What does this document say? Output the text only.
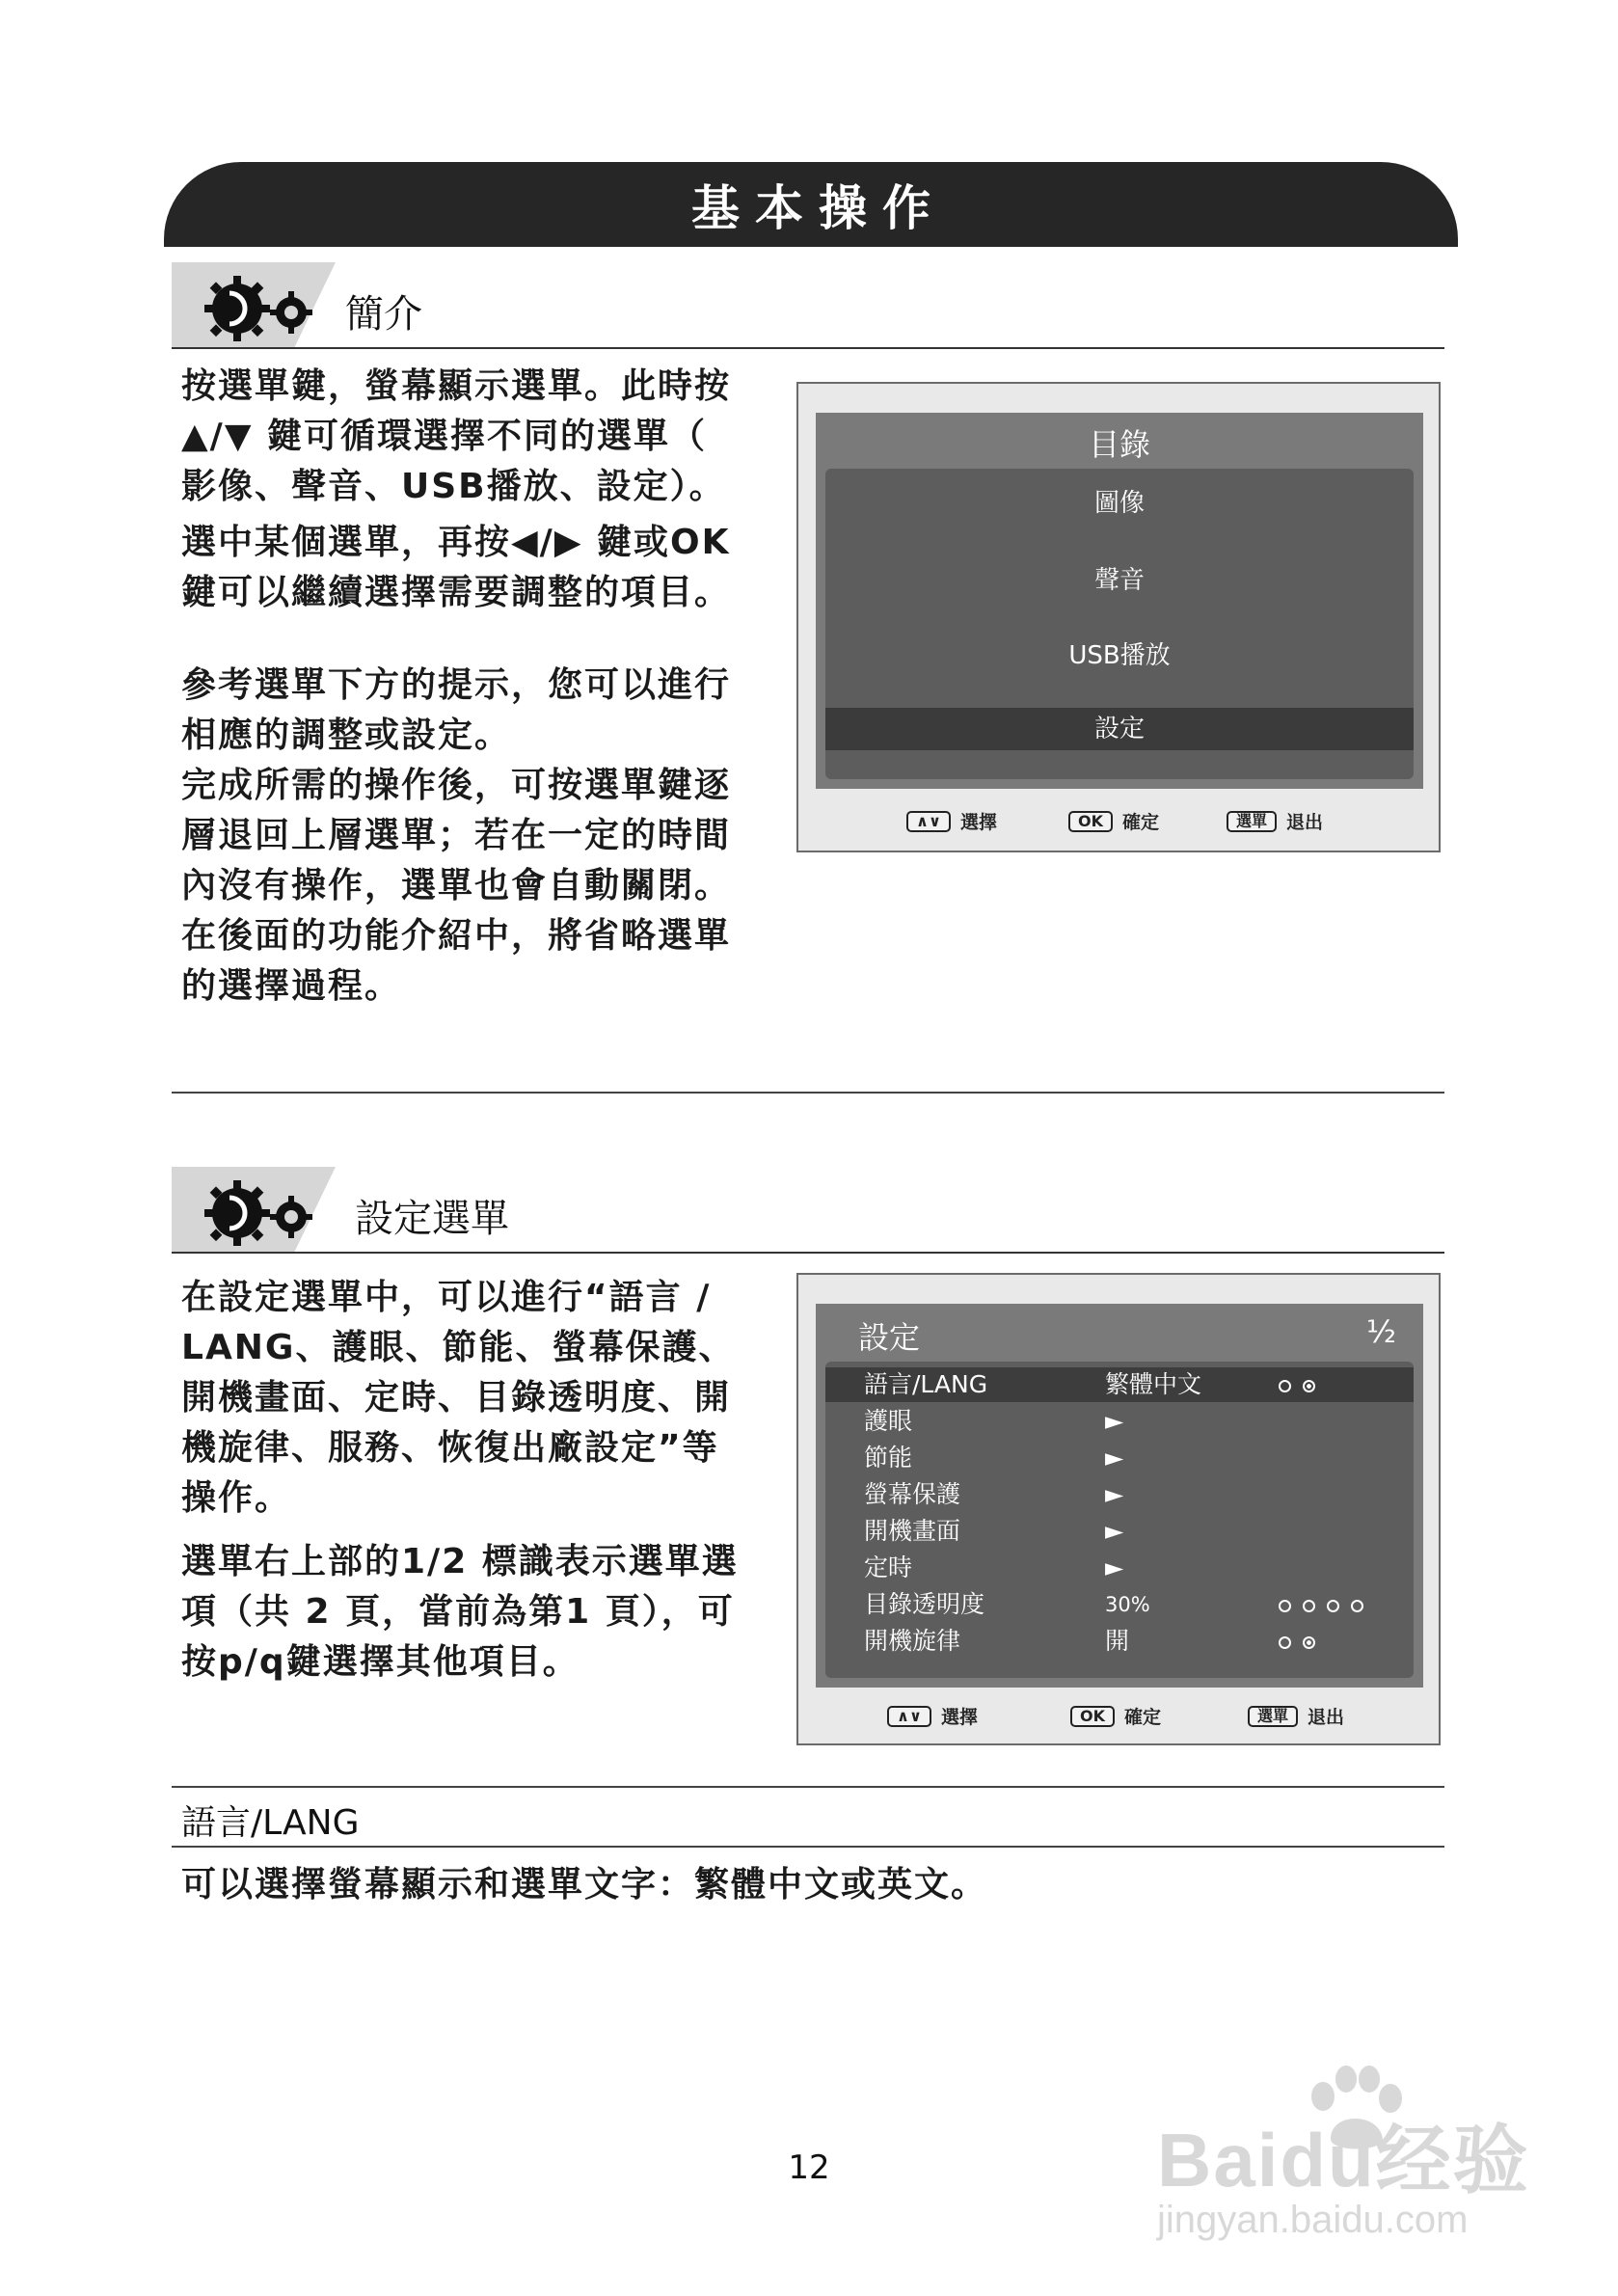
基本操作
簡介

按選單鍵，螢幕顯示選單。此時按

▲/▼ 鍵可循環選擇不同的選單（

影像、聲音、USB播放、設定）。

選中某個選單，再按◀/▶ 鍵或OK

鍵可以繼續選擇需要調整的項目。

參考選單下方的提示，您可以進行

相應的調整或設定。

完成所需的操作後，可按選單鍵逐

層退回上層選單；若在一定的時間

內沒有操作，選單也會自動關閉。

在後面的功能介紹中，將省略選單

的選擇過程。

目錄
圖像
聲音
USB播放
設定
∧∨	選擇	OK	確定	選單	退出
設定選單

在設定選單中，可以進行“語言 /

LANG、護眼、節能、螢幕保護、

開機畫面、定時、目錄透明度、開

機旋律、服務、恢復出廠設定”等

操作。

選單右上部的1/2 標識表示選單選

項（共 2 頁，當前為第1 頁），可

按p/q鍵選擇其他項目。

設定	½
語言/LANG	繁體中文
護眼	►
節能	►
螢幕保護	►
開機畫面	►
定時	►
目錄透明度	30%
開機旋律	開
∧∨	選擇	OK	確定	選單	退出
語言/LANG
可以選擇螢幕顯示和選單文字：繁體中文或英文。
12	Baidu经验
jingyan.baidu.com
